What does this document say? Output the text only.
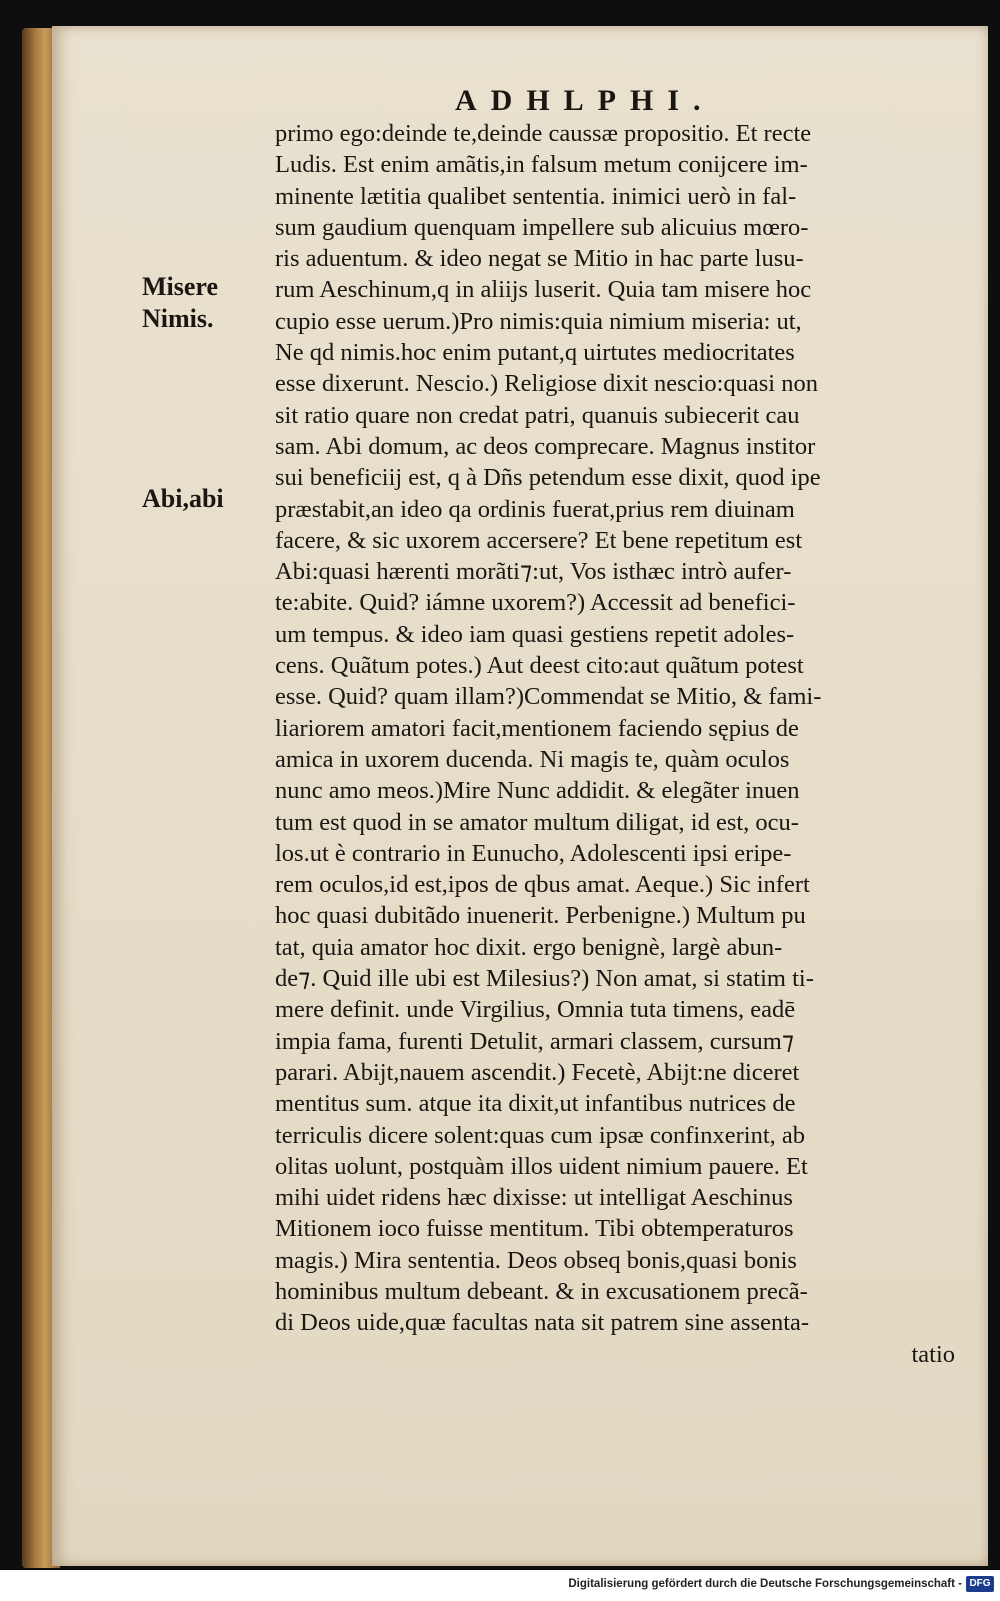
ADHLPHI.
Misere
Nimis.
Abi,abi
primo ego:deinde te,deinde caussæ propositio. Et recte
Ludis. Est enim amãtis,in falsum metum conijcere im-
minente lætitia qualibet sententia. inimici uerò in fal-
sum gaudium quenquam impellere sub alicuius mœro-
ris aduentum. & ideo negat se Mitio in hac parte lusu-
rum Aeschinum,q in aliĳs luserit. Quia tam misere hoc
cupio esse uerum.)Pro nimis:quia nimium miseria: ut,
Ne qd nimis.hoc enim putant,q uirtutes mediocritates
esse dixerunt. Nescio.) Religiose dixit nescio:quasi non
sit ratio quare non credat patri, quanuis subiecerit cau
sam. Abi domum, ac deos comprecare. Magnus institor
sui beneficiĳ est, q à Dñs petendum esse dixit, quod ipe
præstabit,an ideo qa ordinis fuerat,prius rem diuinam
facere, & sic uxorem accersere? Et bene repetitum est
Abi:quasi hærenti morãti⁊:ut, Vos isthæc intrò aufer-
te:abite. Quid? iámne uxorem?) Accessit ad benefici-
um tempus. & ideo iam quasi gestiens repetit adoles-
cens. Quãtum potes.) Aut deest cito:aut quãtum potest
esse. Quid? quam illam?)Commendat se Mitio, & fami-
liariorem amatori facit,mentionem faciendo sępius de
amica in uxorem ducenda. Ni magis te, quàm oculos
nunc amo meos.)Mire Nunc addidit. & elegãter inuen
tum est quod in se amator multum diligat, id est, ocu-
los.ut è contrario in Eunucho, Adolescenti ipsi eripe-
rem oculos,id est,ipos de qbus amat. Aeque.) Sic infert
hoc quasi dubitãdo inuenerit. Perbenigne.) Multum pu
tat, quia amator hoc dixit. ergo benignè, largè abun-
de⁊. Quid ille ubi est Milesius?) Non amat, si statim ti-
mere definit. unde Virgilius, Omnia tuta timens, eadē
impia fama, furenti Detulit, armari classem, cursum⁊
parari. Abĳt,nauem ascendit.) Fecetè, Abĳt:ne diceret
mentitus sum. atque ita dixit,ut infantibus nutrices de
terriculis dicere solent:quas cum ipsæ confinxerint, ab
olitas uolunt, postquàm illos uident nimium pauere. Et
mihi uidet ridens hæc dixisse: ut intelligat Aeschinus
Mitionem ioco fuisse mentitum. Tibi obtemperaturos
magis.) Mira sententia. Deos obseq bonis,quasi bonis
hominibus multum debeant. & in excusationem precã-
di Deos uide,quæ facultas nata sit patrem sine assenta-
tatio
Digitalisierung gefördert durch die Deutsche Forschungsgemeinschaft - DFG
